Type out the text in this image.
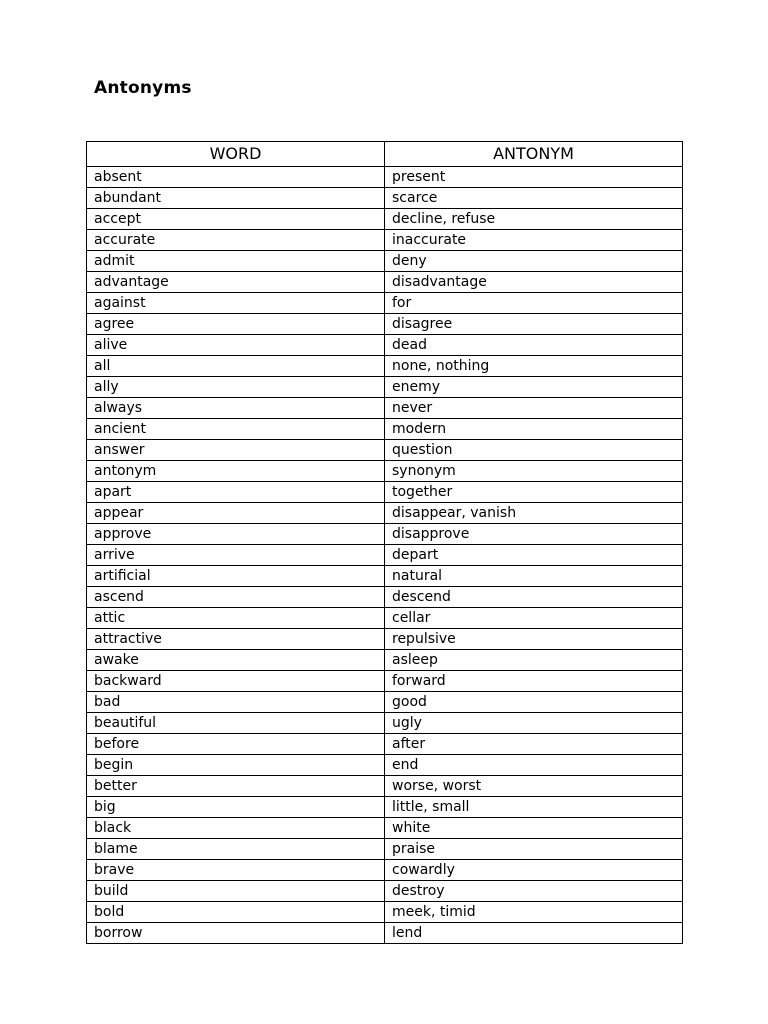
Antonyms
WORD	ANTONYM
absent	present
abundant	scarce
accept	decline, refuse
accurate	inaccurate
admit	deny
advantage	disadvantage
against	for
agree	disagree
alive	dead
all	none, nothing
ally	enemy
always	never
ancient	modern
answer	question
antonym	synonym
apart	together
appear	disappear, vanish
approve	disapprove
arrive	depart
artificial	natural
ascend	descend
attic	cellar
attractive	repulsive
awake	asleep
backward	forward
bad	good
beautiful	ugly
before	after
begin	end
better	worse, worst
big	little, small
black	white
blame	praise
brave	cowardly
build	destroy
bold	meek, timid
borrow	lend
